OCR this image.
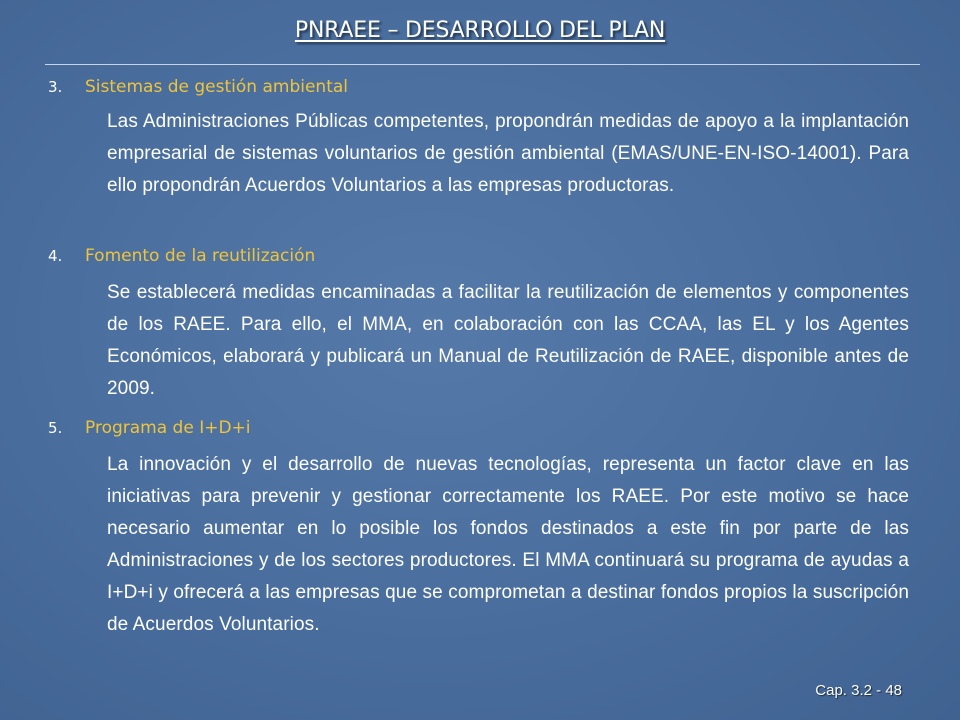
PNRAEE – DESARROLLO DEL PLAN
3. Sistemas de gestión ambiental
Las Administraciones Públicas competentes, propondrán medidas de apoyo a la implantación empresarial de sistemas voluntarios de gestión ambiental (EMAS/UNE-EN-ISO-14001). Para ello propondrán Acuerdos Voluntarios a las empresas productoras.
4. Fomento de la reutilización
Se establecerá medidas encaminadas a facilitar la reutilización de elementos y componentes de los RAEE. Para ello, el MMA, en colaboración con las CCAA, las EL y los Agentes Económicos, elaborará y publicará un Manual de Reutilización de RAEE, disponible antes de 2009.
5. Programa de I+D+i
La innovación y el desarrollo de nuevas tecnologías, representa un factor clave en las iniciativas para prevenir y gestionar correctamente los RAEE. Por este motivo se hace necesario aumentar en lo posible los fondos destinados a este fin por parte de las Administraciones y de los sectores productores. El MMA continuará su programa de ayudas a I+D+i y ofrecerá a las empresas que se comprometan a destinar fondos propios la suscripción de Acuerdos Voluntarios.
Cap. 3.2 - 48
